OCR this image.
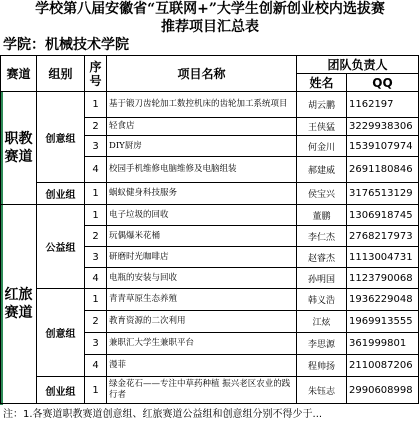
学校第八届安徽省“互联网+”大学生创新创业校内选拔赛
推荐项目汇总表
学院：机械技术学院
赛道	组别	序号	项目名称	团队负责人	
				姓名	QQ
职教赛道	创意组	1	基于锻刀齿轮加工数控机床的齿轮加工系统项目	胡云鹏	1162197
		2	轻食店	王侠猛	3229938306
		3	DIY厨房	何金川	1539107974
		4	校园手机维修电脑维修及电脑组装	郝建威	2691180846
	创业组	1	蜗蚁健身科技服务	侯宝兴	3176513129
红旅赛道	公益组	1	电子垃圾的回收	董鹏	1306918745
		2	玩偶爆米花桶	李仁杰	2768217973
		3	研磨时光咖啡店	赵睿杰	1113004731
		4	电瓶的安装与回收	孙明国	1123790068
	创意组	1	青青草原生态养殖	韩义浩	1936229048
		2	教育资源的二次利用	江炫	1969913555
		3	兼职汇大学生兼职平台	李思源	361999801
		4	漫菲	程帅扬	2110087206
	创业组	1	绿金花石——专注中草药种植 振兴老区农业的践行者	朱钰志	2990608998
注：1.各赛道职教赛道创意组、红旅赛道公益组和创意组分别不得少于...
